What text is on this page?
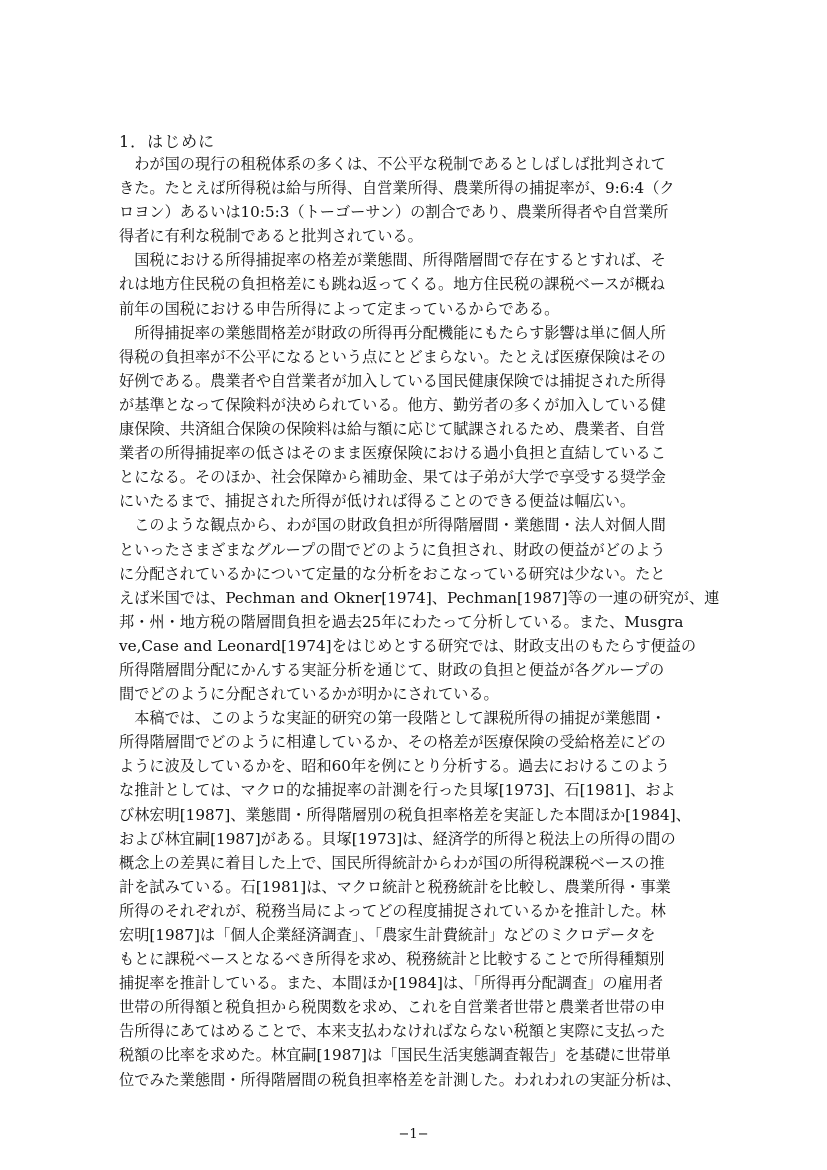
1．はじめに
　わが国の現行の租税体系の多くは、不公平な税制であるとしばしば批判されて
きた。たとえば所得税は給与所得、自営業所得、農業所得の捕捉率が、9:6:4（ク
ロヨン）あるいは10:5:3（トーゴーサン）の割合であり、農業所得者や自営業所
得者に有利な税制であると批判されている。
　国税における所得捕捉率の格差が業態間、所得階層間で存在するとすれば、そ
れは地方住民税の負担格差にも跳ね返ってくる。地方住民税の課税ベースが概ね
前年の国税における申告所得によって定まっているからである。
　所得捕捉率の業態間格差が財政の所得再分配機能にもたらす影響は単に個人所
得税の負担率が不公平になるという点にとどまらない。たとえば医療保険はその
好例である。農業者や自営業者が加入している国民健康保険では捕捉された所得
が基準となって保険料が決められている。他方、勤労者の多くが加入している健
康保険、共済組合保険の保険料は給与額に応じて賦課されるため、農業者、自営
業者の所得捕捉率の低さはそのまま医療保険における過小負担と直結しているこ
とになる。そのほか、社会保障から補助金、果ては子弟が大学で享受する奨学金
にいたるまで、捕捉された所得が低ければ得ることのできる便益は幅広い。
　このような観点から、わが国の財政負担が所得階層間・業態間・法人対個人間
といったさまざまなグループの間でどのように負担され、財政の便益がどのよう
に分配されているかについて定量的な分析をおこなっている研究は少ない。たと
えば米国では、Pechman and Okner[1974]、Pechman[1987]等の一連の研究が、連
邦・州・地方税の階層間負担を過去25年にわたって分析している。また、Musgra
ve,Case and Leonard[1974]をはじめとする研究では、財政支出のもたらす便益の
所得階層間分配にかんする実証分析を通じて、財政の負担と便益が各グループの
間でどのように分配されているかが明かにされている。
　本稿では、このような実証的研究の第一段階として課税所得の捕捉が業態間・
所得階層間でどのように相違しているか、その格差が医療保険の受給格差にどの
ように波及しているかを、昭和60年を例にとり分析する。過去におけるこのよう
な推計としては、マクロ的な捕捉率の計測を行った貝塚[1973]、石[1981]、およ
び林宏明[1987]、業態間・所得階層別の税負担率格差を実証した本間ほか[1984]、
および林宜嗣[1987]がある。貝塚[1973]は、経済学的所得と税法上の所得の間の
概念上の差異に着目した上で、国民所得統計からわが国の所得税課税ベースの推
計を試みている。石[1981]は、マクロ統計と税務統計を比較し、農業所得・事業
所得のそれぞれが、税務当局によってどの程度捕捉されているかを推計した。林
宏明[1987]は「個人企業経済調査」、「農家生計費統計」などのミクロデータを
もとに課税ベースとなるべき所得を求め、税務統計と比較することで所得種類別
捕捉率を推計している。また、本間ほか[1984]は、「所得再分配調査」の雇用者
世帯の所得額と税負担から税関数を求め、これを自営業者世帯と農業者世帯の申
告所得にあてはめることで、本来支払わなければならない税額と実際に支払った
税額の比率を求めた。林宜嗣[1987]は「国民生活実態調査報告」を基礎に世帯単
位でみた業態間・所得階層間の税負担率格差を計測した。われわれの実証分析は、
−1−
